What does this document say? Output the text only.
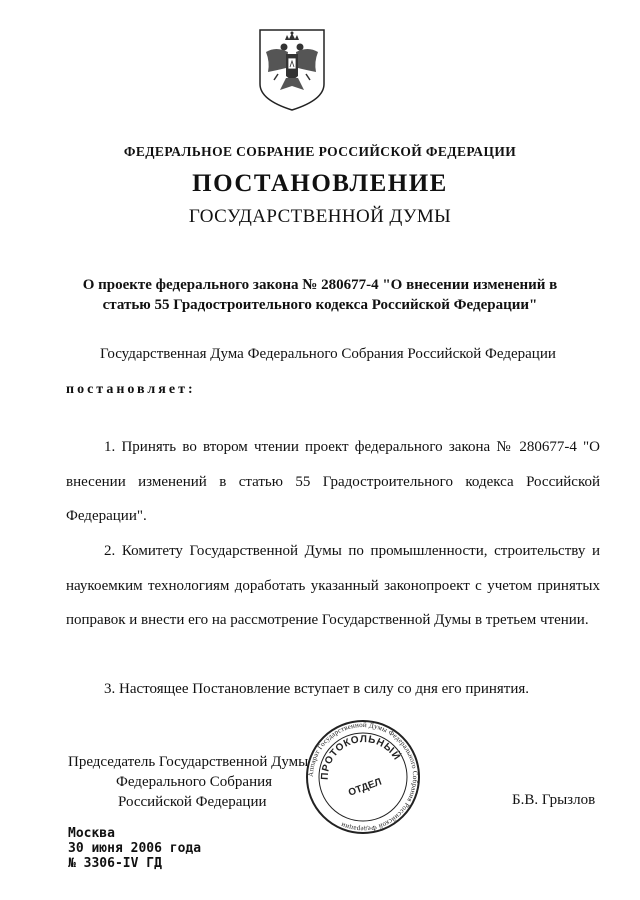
ФЕДЕРАЛЬНОЕ СОБРАНИЕ РОССИЙСКОЙ ФЕДЕРАЦИИ
ПОСТАНОВЛЕНИЕ
ГОСУДАРСТВЕННОЙ ДУМЫ
О проекте федерального закона № 280677-4 "О внесении изменений в
статью 55 Градостроительного кодекса Российской Федерации"
Государственная Дума Федерального Собрания Российской Федерации
постановляет:
1. Принять во втором чтении проект федерального закона № 280677-4 "О внесении изменений в статью 55 Градостроительного кодекса Российской Федерации".
2. Комитету Государственной Думы по промышленности, строительству и наукоемким технологиям доработать указанный законопроект с учетом принятых поправок и внести его на рассмотрение Государственной Думы в третьем чтении.
3. Настоящее Постановление вступает в силу со дня его принятия.
Председатель Государственной Думы
Федерального Собрания
Российской Федерации
Аппарат Государственной Думы Федерального Собрания Российской Федерации
ПРОТОКОЛЬНЫЙ
ОТДЕЛ
Б.В. Грызлов
Москва
30 июня 2006 года
№ 3306-IV ГД
